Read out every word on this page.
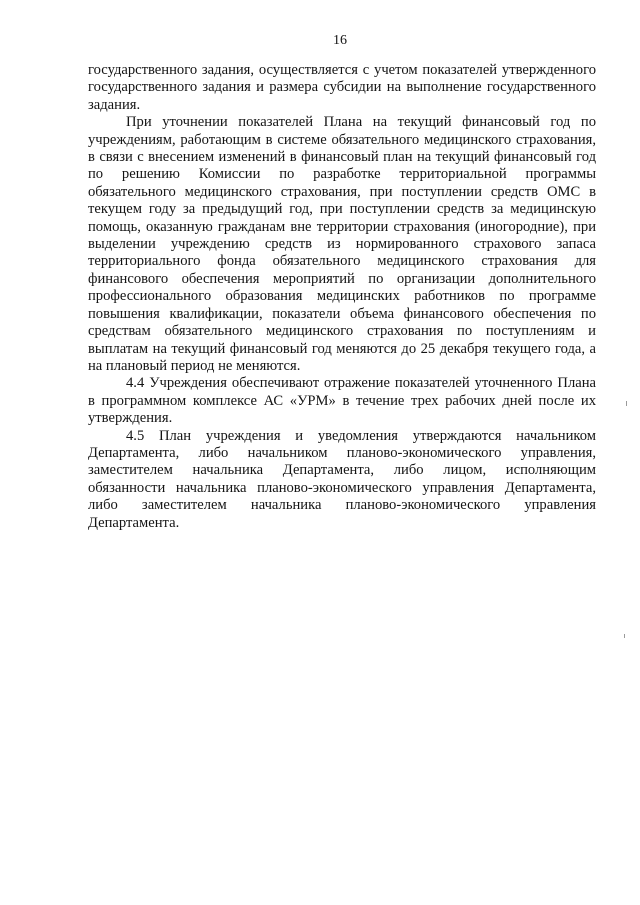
16

государственного задания, осуществляется с учетом показателей утвержденного государственного задания и размера субсидии на выполнение государственного задания.

При уточнении показателей Плана на текущий финансовый год по учреждениям, работающим в системе обязательного медицинского страхования, в связи с внесением изменений в финансовый план на текущий финансовый год по решению Комиссии по разработке территориальной программы обязательного медицинского страхования, при поступлении средств ОМС в текущем году за предыдущий год, при поступлении средств за медицинскую помощь, оказанную гражданам вне территории страхования (иногородние), при выделении учреждению средств из нормированного страхового запаса территориального фонда обязательного медицинского страхования для финансового обеспечения мероприятий по организации дополнительного профессионального образования медицинских работников по программе повышения квалификации, показатели объема финансового обеспечения по средствам обязательного медицинского страхования по поступлениям и выплатам на текущий финансовый год меняются до 25 декабря текущего года, а на плановый период не меняются.

4.4 Учреждения обеспечивают отражение показателей уточненного Плана в программном комплексе АС «УРМ» в течение трех рабочих дней после их утверждения.

4.5 План учреждения и уведомления утверждаются начальником Департамента, либо начальником планово-экономического управления, заместителем начальника Департамента, либо лицом, исполняющим обязанности начальника планово-экономического управления Департамента, либо заместителем начальника планово-экономического управления Департамента.
